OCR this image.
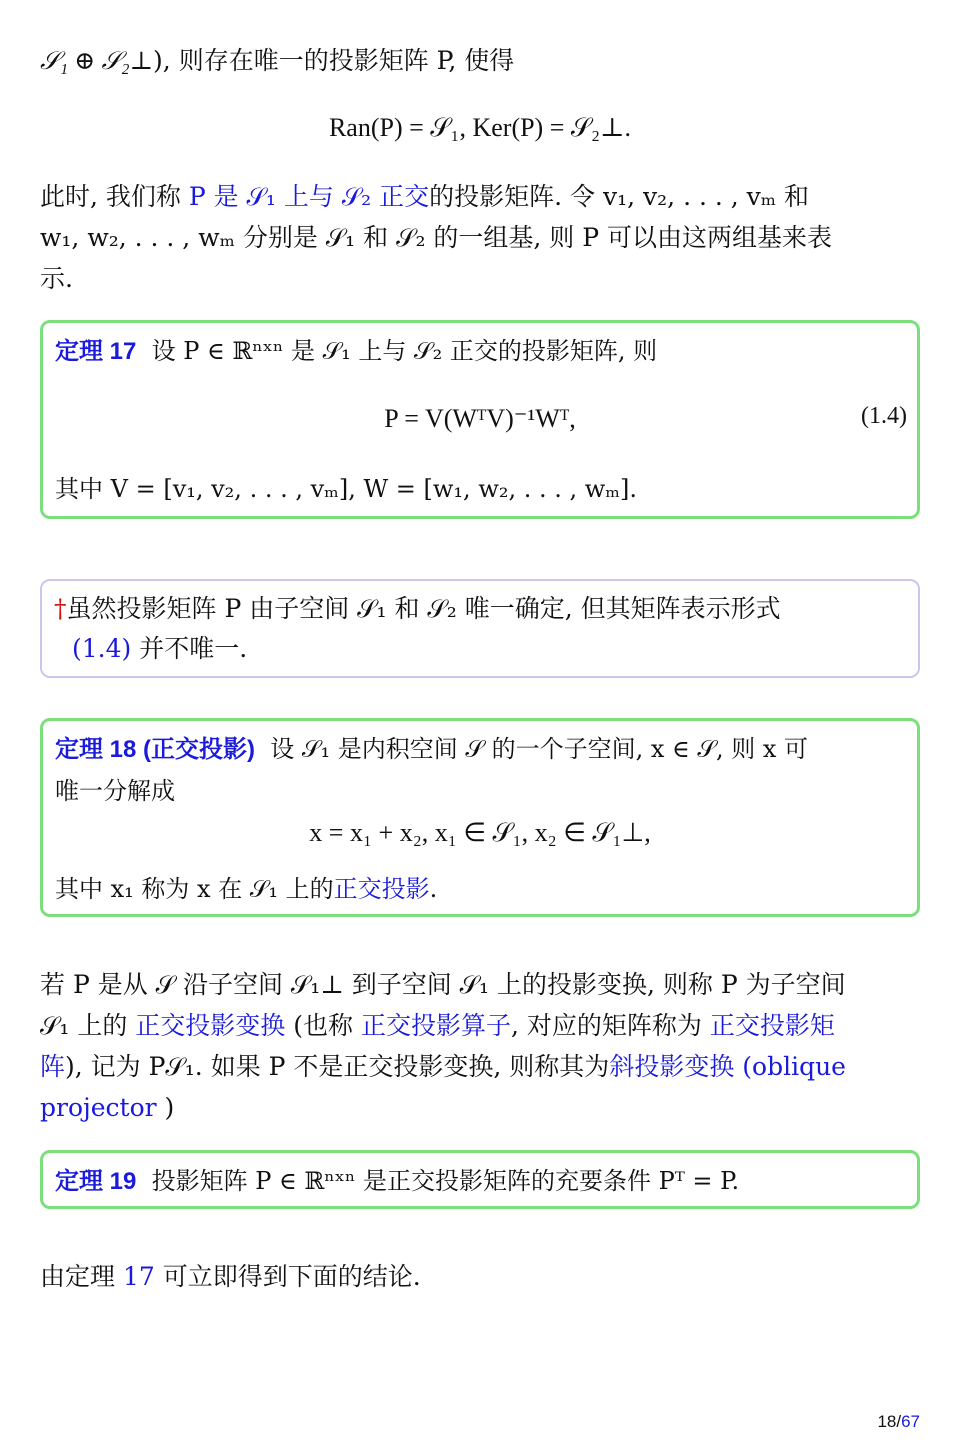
𝒮₁ ⊕ 𝒮₂⊥), 则存在唯一的投影矩阵 P, 使得
Ran(P) = 𝒮₁, Ker(P) = 𝒮₂⊥.
此时, 我们称 P 是 𝒮₁ 上与 𝒮₂ 正交的投影矩阵. 令 v₁, v₂, . . . , vₘ 和
w₁, w₂, . . . , wₘ 分别是 𝒮₁ 和 𝒮₂ 的一组基, 则 P 可以由这两组基来表
示.
定理 17 设 P ∈ ℝⁿˣⁿ 是 𝒮₁ 上与 𝒮₂ 正交的投影矩阵, 则
P = V(WᵀV)⁻¹Wᵀ,	(1.4)
其中 V = [v₁, v₂, . . . , vₘ], W = [w₁, w₂, . . . , wₘ].
†虽然投影矩阵 P 由子空间 𝒮₁ 和 𝒮₂ 唯一确定, 但其矩阵表示形式
(1.4) 并不唯一.
定理 18 (正交投影) 设 𝒮₁ 是内积空间 𝒮 的一个子空间, x ∈ 𝒮, 则 x 可
唯一分解成
x = x₁ + x₂, x₁ ∈ 𝒮₁, x₂ ∈ 𝒮₁⊥,
其中 x₁ 称为 x 在 𝒮₁ 上的正交投影.
若 P 是从 𝒮 沿子空间 𝒮₁⊥ 到子空间 𝒮₁ 上的投影变换, 则称 P 为子空间
𝒮₁ 上的 正交投影变换 (也称 正交投影算子, 对应的矩阵称为 正交投影矩
阵), 记为 P𝒮₁. 如果 P 不是正交投影变换, 则称其为斜投影变换 (oblique
projector )
定理 19 投影矩阵 P ∈ ℝⁿˣⁿ 是正交投影矩阵的充要条件 Pᵀ = P.
由定理 17 可立即得到下面的结论.
18/67
